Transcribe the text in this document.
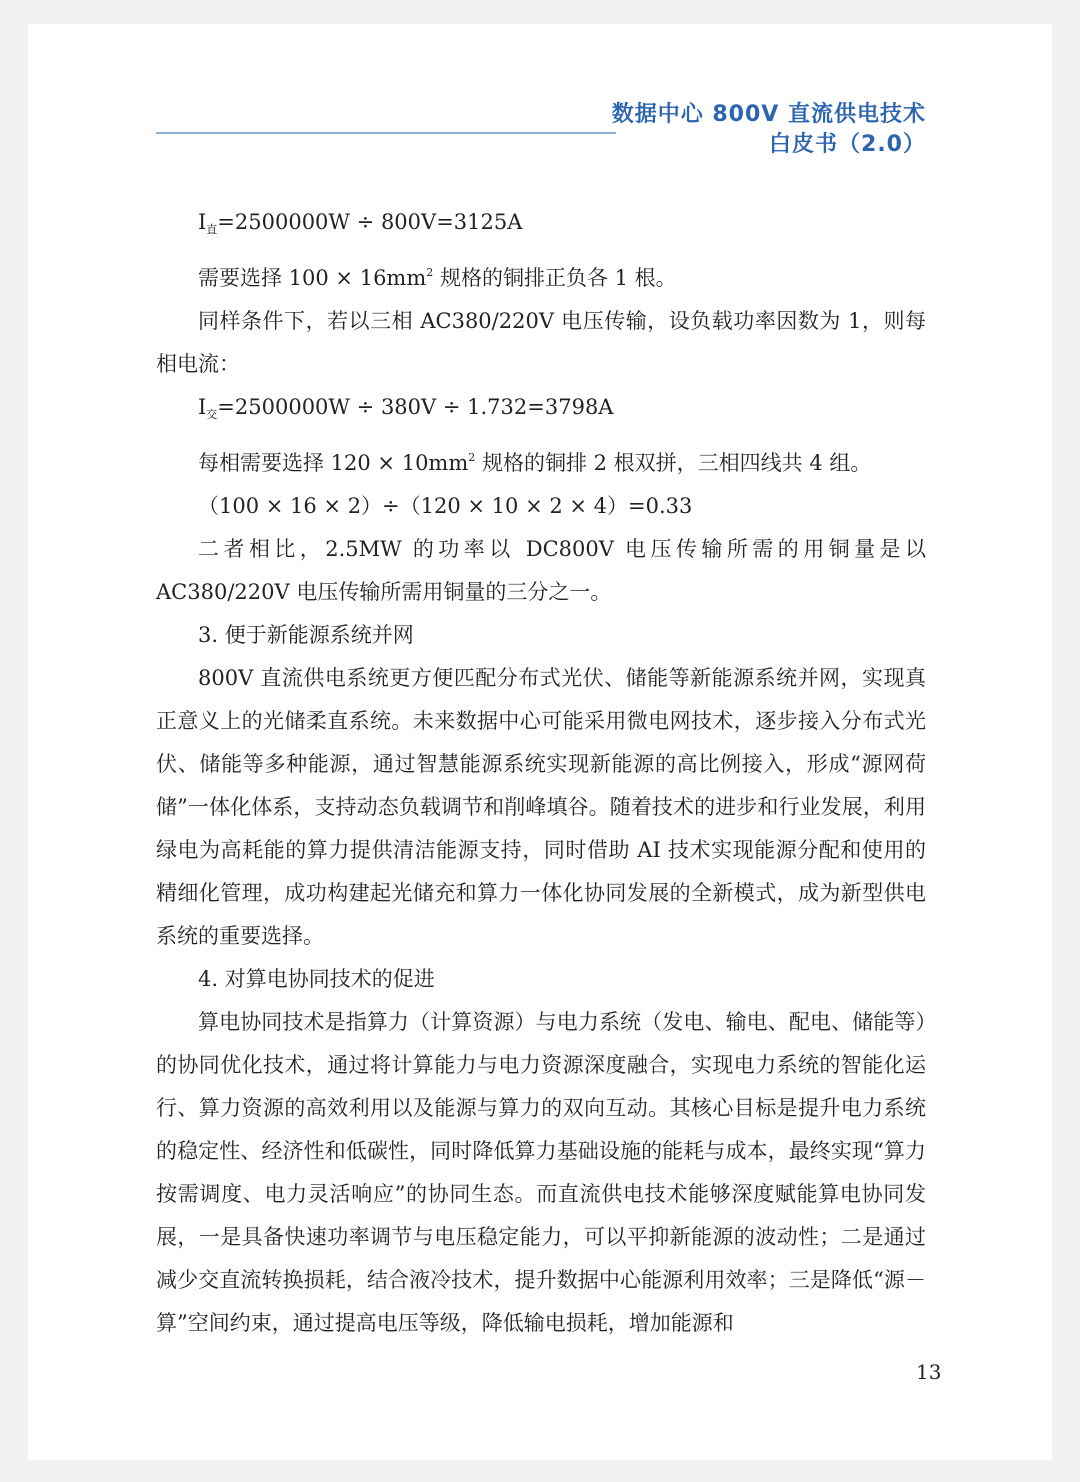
数据中心 800V 直流供电技术
白皮书（2.0）

$I_直=2500000W \div 800V=3125A$

需要选择 $100 \times 16mm^2$ 规格的铜排正负各 1 根。

同样条件下，若以三相 AC380/220V 电压传输，设负载功率因数为 1，则每相电流：

$I_交=2500000W \div 380V \div 1.732=3798A$

每相需要选择 $120 \times 10mm^2$ 规格的铜排 2 根双拼，三相四线共 4 组。

（100 × 16 × 2）÷（120 × 10 × 2 × 4）=0.33

二者相比，2.5MW 的功率以 DC800V 电压传输所需的用铜量是以 AC380/220V 电压传输所需用铜量的三分之一。

3. 便于新能源系统并网

800V 直流供电系统更方便匹配分布式光伏、储能等新能源系统并网，实现真正意义上的光储柔直系统。未来数据中心可能采用微电网技术，逐步接入分布式光伏、储能等多种能源，通过智慧能源系统实现新能源的高比例接入，形成“源网荷储”一体化体系，支持动态负载调节和削峰填谷。随着技术的进步和行业发展，利用绿电为高耗能的算力提供清洁能源支持，同时借助 AI 技术实现能源分配和使用的精细化管理，成功构建起光储充和算力一体化协同发展的全新模式，成为新型供电系统的重要选择。

4. 对算电协同技术的促进

算电协同技术是指算力（计算资源）与电力系统（发电、输电、配电、储能等）的协同优化技术，通过将计算能力与电力资源深度融合，实现电力系统的智能化运行、算力资源的高效利用以及能源与算力的双向互动。其核心目标是提升电力系统的稳定性、经济性和低碳性，同时降低算力基础设施的能耗与成本，最终实现“算力按需调度、电力灵活响应”的协同生态。而直流供电技术能够深度赋能算电协同发展，一是具备快速功率调节与电压稳定能力，可以平抑新能源的波动性；二是通过减少交直流转换损耗，结合液冷技术，提升数据中心能源利用效率；三是降低“源－算”空间约束，通过提高电压等级，降低输电损耗，增加能源和

13
